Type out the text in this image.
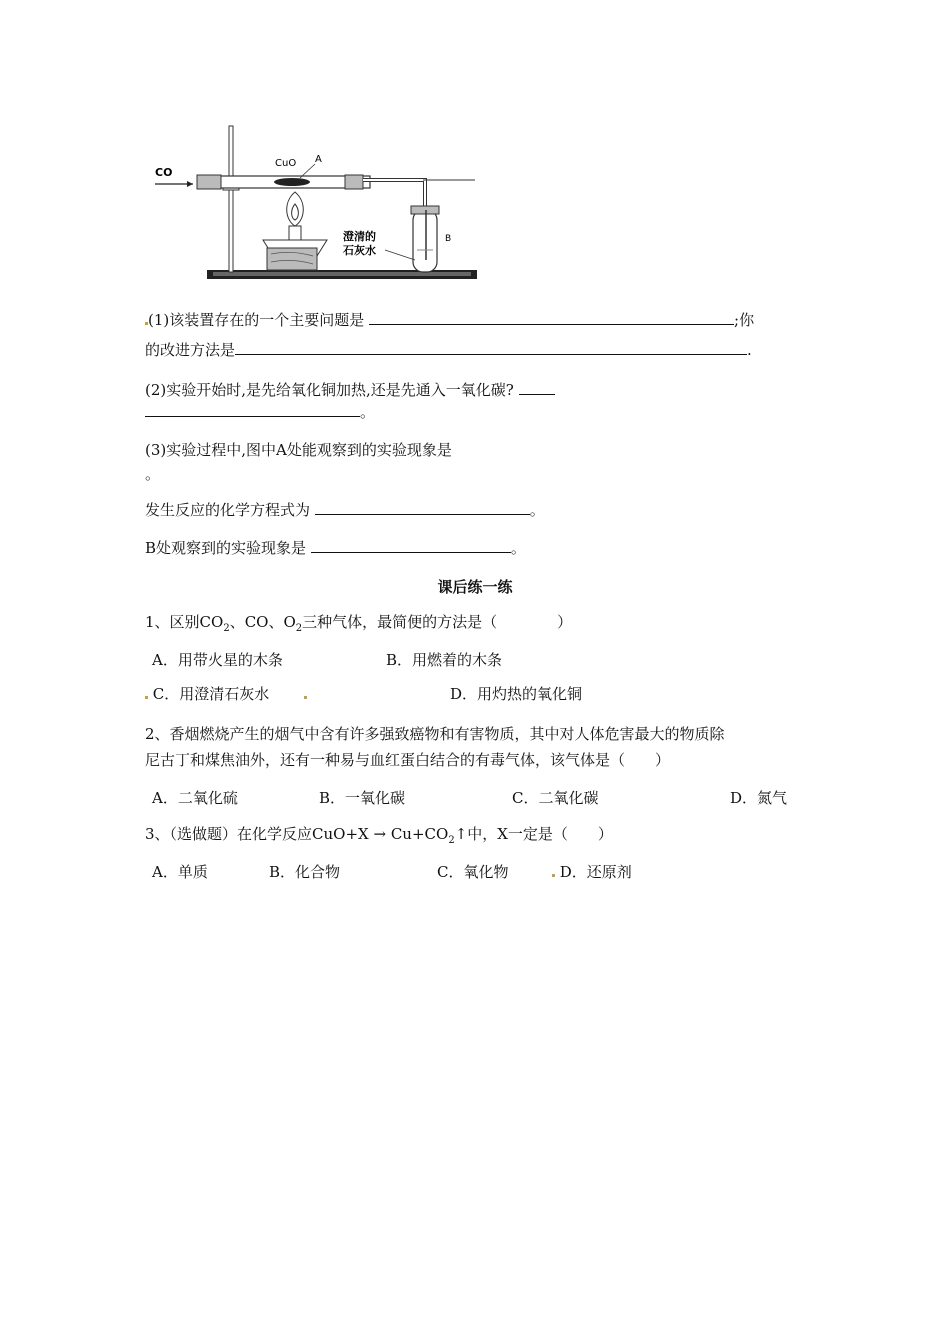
CO
CuO A
B
澄清的
石灰水
(1)该装置存在的一个主要问题是	;你
的改进方法是	.
(2)实验开始时,是先给氧化铜加热,还是先通入一氧化碳?
。
(3)实验过程中,图中A处能观察到的实验现象是
。
发生反应的化学方程式为	。
B处观察到的实验现象是	。
课后练一练
1、区别$CO_2$、CO、$O_2$三种气体，最简便的方法是（　　　　）
A．用带火星的木条	B．用燃着的木条
C．用澄清石灰水	D．用灼热的氧化铜
2、香烟燃烧产生的烟气中含有许多强致癌物和有害物质，其中对人体危害最大的物质除
尼古丁和煤焦油外，还有一种易与血红蛋白结合的有毒气体，该气体是（　　）
A．二氧化硫	B．一氧化碳	C．二氧化碳	D．氮气
3、（选做题）在化学反应$CuO+X \to Cu+CO_2↑$中，X一定是（　　）
A．单质	B．化合物	C．氧化物	D．还原剂
